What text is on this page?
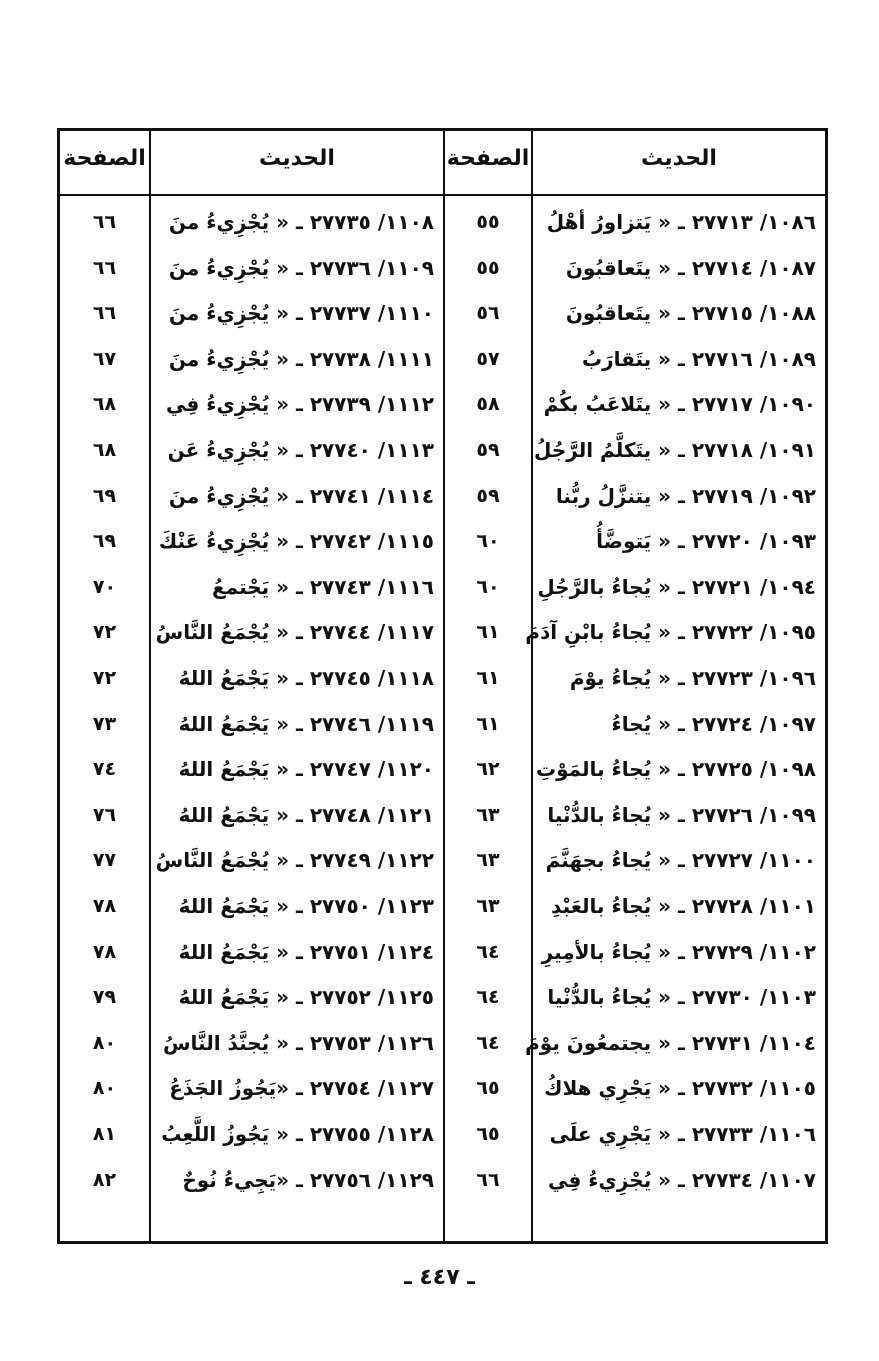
الحديث
الصفحة
الحديث
الصفحة
١٠٨٦/ ٢٧٧١٣ ـ « يَتزاورُ أهْلُ
٥٥
١٠٨٧/ ٢٧٧١٤ ـ « يتَعاقبُونَ
٥٥
١٠٨٨/ ٢٧٧١٥ ـ « يتَعاقبُونَ
٥٦
١٠٨٩/ ٢٧٧١٦ ـ « يتَقارَبُ
٥٧
١٠٩٠/ ٢٧٧١٧ ـ « يتَلاعَبُ بكُمْ
٥٨
١٠٩١/ ٢٧٧١٨ ـ « يتَكلَّمُ الرَّجُلُ
٥٩
١٠٩٢/ ٢٧٧١٩ ـ « يتنزَّلُ ربُّنا
٥٩
١٠٩٣/ ٢٧٧٢٠ ـ « يَتوضَّأُ
٦٠
١٠٩٤/ ٢٧٧٢١ ـ « يُجاءُ بالرَّجُلِ
٦٠
١٠٩٥/ ٢٧٧٢٢ ـ « يُجاءُ بابْنِ آدَمَ
٦١
١٠٩٦/ ٢٧٧٢٣ ـ « يُجاءُ يوْمَ
٦١
١٠٩٧/ ٢٧٧٢٤ ـ « يُجاءُ
٦١
١٠٩٨/ ٢٧٧٢٥ ـ « يُجاءُ بالمَوْتِ
٦٢
١٠٩٩/ ٢٧٧٢٦ ـ « يُجاءُ بالدُّنْيا
٦٣
١١٠٠/ ٢٧٧٢٧ ـ « يُجاءُ بجهَنَّمَ
٦٣
١١٠١/ ٢٧٧٢٨ ـ « يُجاءُ بالعَبْدِ
٦٣
١١٠٢/ ٢٧٧٢٩ ـ « يُجاءُ بالأمِيرِ
٦٤
١١٠٣/ ٢٧٧٣٠ ـ « يُجاءُ بالدُّنْيا
٦٤
١١٠٤/ ٢٧٧٣١ ـ « يجتمعُونَ يوْمَ
٦٤
١١٠٥/ ٢٧٧٣٢ ـ « يَجْرِي هلاكُ
٦٥
١١٠٦/ ٢٧٧٣٣ ـ « يَجْرِي علَى
٦٥
١١٠٧/ ٢٧٧٣٤ ـ « يُجْزِيءُ فِي
٦٦
١١٠٨/ ٢٧٧٣٥ ـ « يُجْزِيءُ منَ
٦٦
١١٠٩/ ٢٧٧٣٦ ـ « يُجْزِيءُ منَ
٦٦
١١١٠/ ٢٧٧٣٧ ـ « يُجْزِيءُ منَ
٦٦
١١١١/ ٢٧٧٣٨ ـ « يُجْزِيءُ منَ
٦٧
١١١٢/ ٢٧٧٣٩ ـ « يُجْزِيءُ فِي
٦٨
١١١٣/ ٢٧٧٤٠ ـ « يُجْزِيءُ عَن
٦٨
١١١٤/ ٢٧٧٤١ ـ « يُجْزِيءُ منَ
٦٩
١١١٥/ ٢٧٧٤٢ ـ « يُجْزِيءُ عَنْكَ
٦٩
١١١٦/ ٢٧٧٤٣ ـ « يَجْتمعُ
٧٠
١١١٧/ ٢٧٧٤٤ ـ « يُجْمَعُ النَّاسُ
٧٢
١١١٨/ ٢٧٧٤٥ ـ « يَجْمَعُ اللهُ
٧٢
١١١٩/ ٢٧٧٤٦ ـ « يَجْمَعُ اللهُ
٧٣
١١٢٠/ ٢٧٧٤٧ ـ « يَجْمَعُ اللهُ
٧٤
١١٢١/ ٢٧٧٤٨ ـ « يَجْمَعُ اللهُ
٧٦
١١٢٢/ ٢٧٧٤٩ ـ « يُجْمَعُ النَّاسُ
٧٧
١١٢٣/ ٢٧٧٥٠ ـ « يَجْمَعُ اللهُ
٧٨
١١٢٤/ ٢٧٧٥١ ـ « يَجْمَعُ اللهُ
٧٨
١١٢٥/ ٢٧٧٥٢ ـ « يَجْمَعُ اللهُ
٧٩
١١٢٦/ ٢٧٧٥٣ ـ « يُجنَّدُ النَّاسُ
٨٠
١١٢٧/ ٢٧٧٥٤ ـ «يَجُوزُ الجَذَعُ
٨٠
١١٢٨/ ٢٧٧٥٥ ـ « يَجُوزُ اللَّعِبُ
٨١
١١٢٩/ ٢٧٧٥٦ ـ «يَجِيءُ نُوحٌ
٨٢
ـ ٤٤٧ ـ
